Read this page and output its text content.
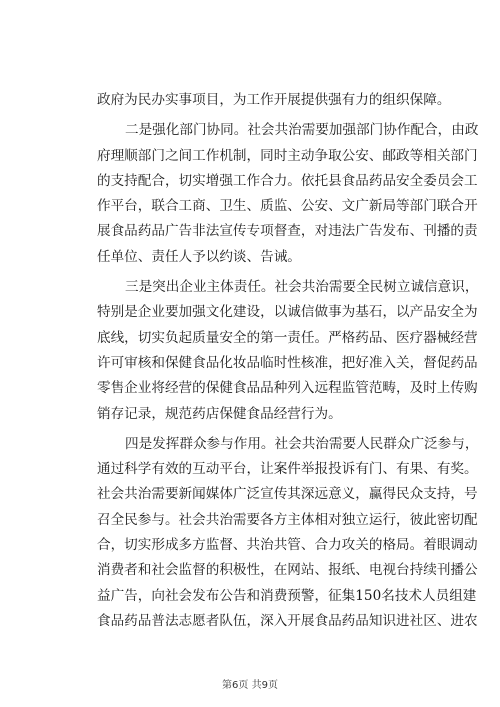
政府为民办实事项目，为工作开展提供强有力的组织保障。
二是强化部门协同。社会共治需要加强部门协作配合，由政
府理顺部门之间工作机制，同时主动争取公安、邮政等相关部门
的支持配合，切实增强工作合力。依托县食品药品安全委员会工
作平台，联合工商、卫生、质监、公安、文广新局等部门联合开
展食品药品广告非法宣传专项督查，对违法广告发布、刊播的责
任单位、责任人予以约谈、告诫。
三是突出企业主体责任。社会共治需要全民树立诚信意识，
特别是企业要加强文化建设，以诚信做事为基石，以产品安全为
底线，切实负起质量安全的第一责任。严格药品、医疗器械经营
许可审核和保健食品化妆品临时性核准，把好准入关，督促药品
零售企业将经营的保健食品品种列入远程监管范畴，及时上传购
销存记录，规范药店保健食品经营行为。
四是发挥群众参与作用。社会共治需要人民群众广泛参与，
通过科学有效的互动平台，让案件举报投诉有门、有果、有奖。
社会共治需要新闻媒体广泛宣传其深远意义，赢得民众支持，号
召全民参与。社会共治需要各方主体相对独立运行，彼此密切配
合，切实形成多方监督、共治共管、合力攻关的格局。着眼调动
消费者和社会监督的积极性，在网站、报纸、电视台持续刊播公
益广告，向社会发布公告和消费预警，征集150名技术人员组建
食品药品普法志愿者队伍，深入开展食品药品知识进社区、进农
第6页 共9页
